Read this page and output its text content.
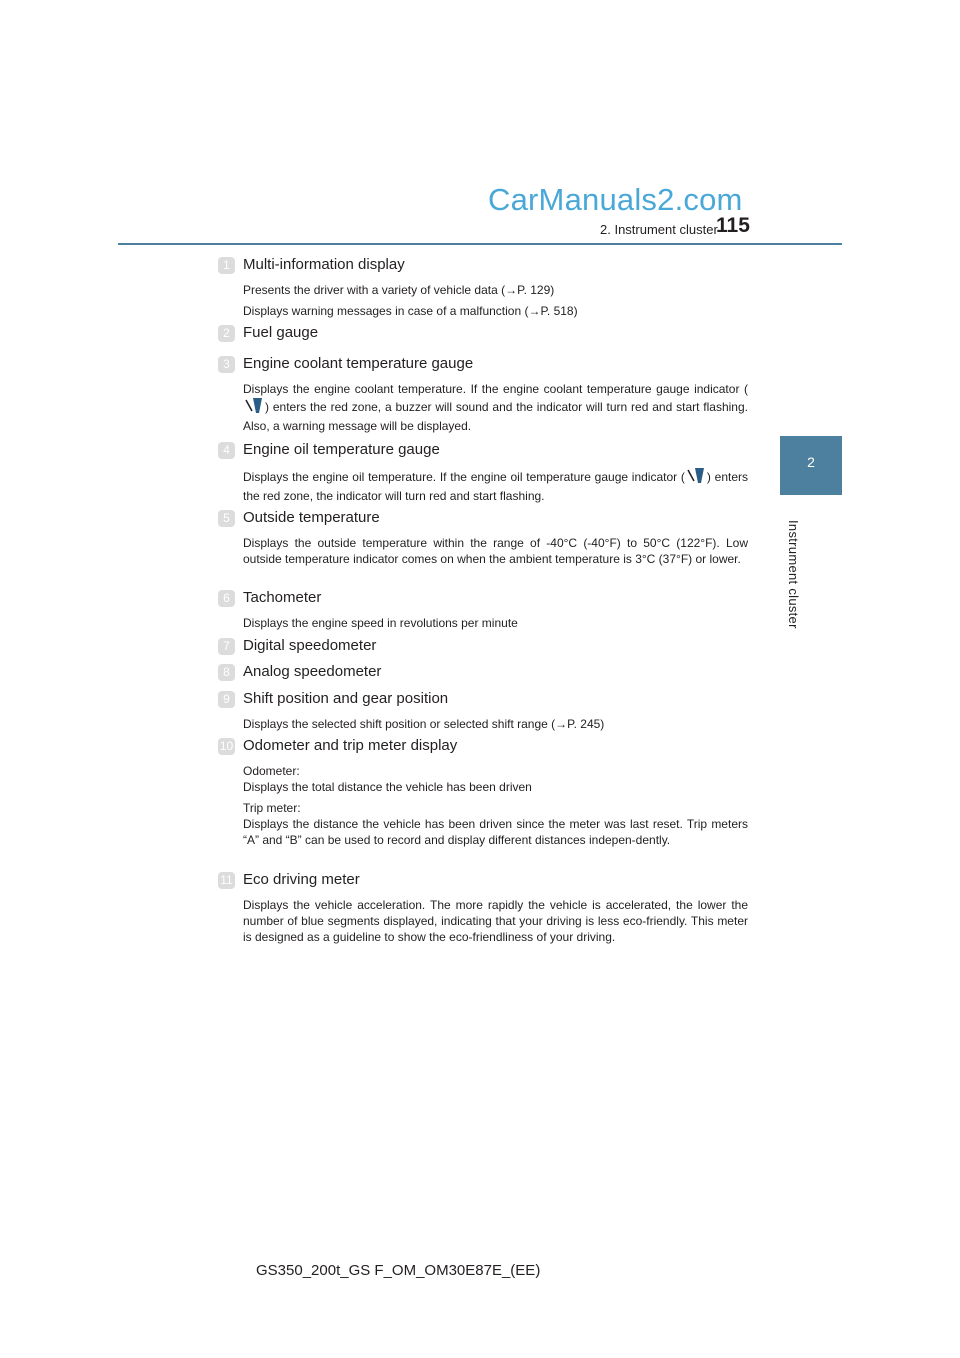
CarManuals2.com
2. Instrument cluster
115
2
Instrument cluster
1 Multi-information display

Presents the driver with a variety of vehicle data (→P. 129)

Displays warning messages in case of a malfunction (→P. 518)

2 Fuel gauge
3 Engine coolant temperature gauge

Displays the engine coolant temperature. If the engine coolant temperature gauge indicator () enters the red zone, a buzzer will sound and the indicator will turn red and start flashing. Also, a warning message will be displayed.

4 Engine oil temperature gauge

Displays the engine oil temperature. If the engine oil temperature gauge indicator ( ) enters the red zone, the indicator will turn red and start flashing.

5 Outside temperature

Displays the outside temperature within the range of -40°C (-40°F) to 50°C (122°F). Low outside temperature indicator comes on when the ambient temperature is 3°C (37°F) or lower.

6 Tachometer

Displays the engine speed in revolutions per minute

7 Digital speedometer
8 Analog speedometer
9 Shift position and gear position

Displays the selected shift position or selected shift range (→P. 245)

10 Odometer and trip meter display

Odometer:
Displays the total distance the vehicle has been driven

Trip meter:
Displays the distance the vehicle has been driven since the meter was last reset. Trip meters “A” and “B” can be used to record and display different distances indepen-dently.

11 Eco driving meter

Displays the vehicle acceleration. The more rapidly the vehicle is accelerated, the lower the number of blue segments displayed, indicating that your driving is less eco-friendly. This meter is designed as a guideline to show the eco-friendliness of your driving.

GS350_200t_GS F_OM_OM30E87E_(EE)
